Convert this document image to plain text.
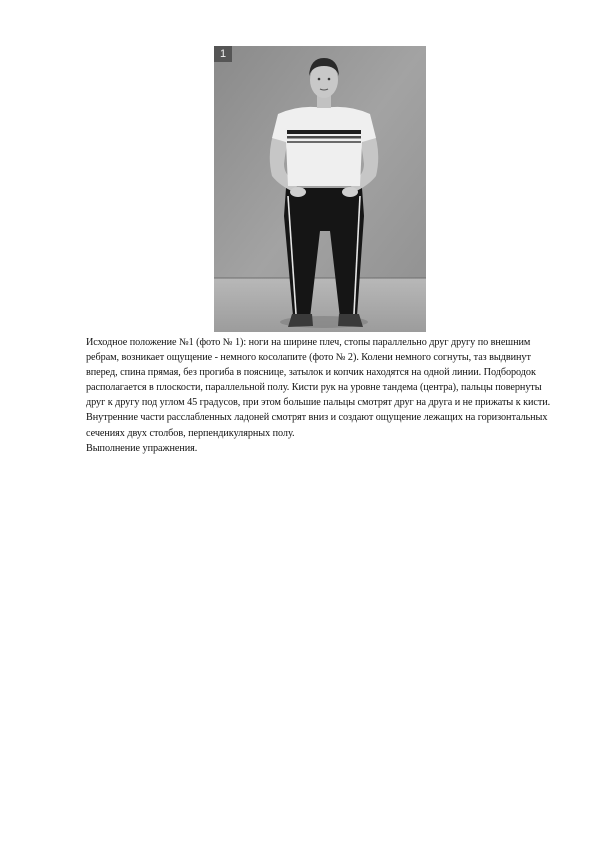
1

Исходное положение №1 (фото № 1): ноги на ширине плеч, стопы параллельно друг другу по внешним ребрам, возникает ощущение - немного косолапите (фото № 2). Колени немного согнуты, таз выдвинут вперед, спина прямая, без прогиба в пояснице, затылок и копчик находятся на одной линии. Подбородок располагается в плоскости, параллельной полу. Кисти рук на уровне тандема (центра), пальцы повернуты друг к другу под углом 45 градусов, при этом большие пальцы смотрят друг на друга и не прижаты к кисти.

Внутренние части расслабленных ладоней смотрят вниз и создают ощущение лежащих на горизонтальных сечениях двух столбов, перпендикулярных полу.

Выполнение упражнения.
